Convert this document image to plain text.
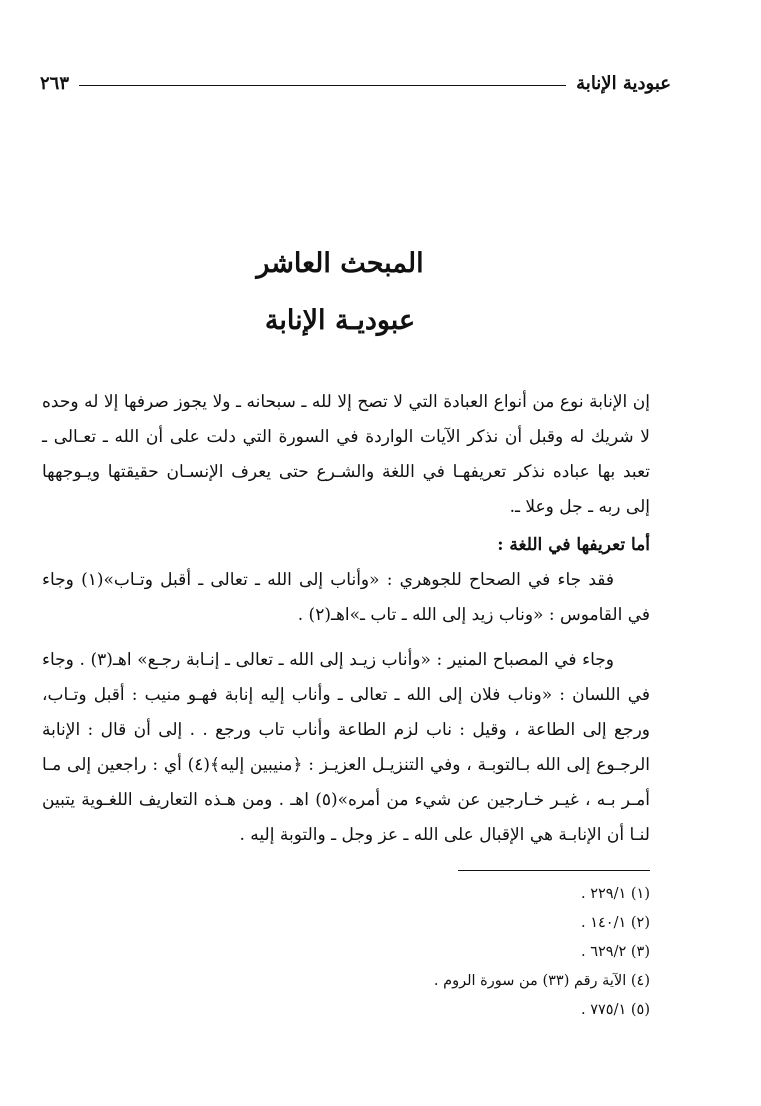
عبودية الإنابة
٢٦٣
المبحث العاشر
عبوديـة الإنابة

إن الإنابة نوع من أنواع العبادة التي لا تصح إلا لله ـ سبحانه ـ ولا يجوز صرفها إلا له وحده لا شريك له وقبل أن نذكر الآيات الواردة في السورة التي دلت على أن الله ـ تعـالى ـ تعبد بها عباده نذكر تعريفهـا في اللغة والشـرع حتى يعرف الإنسـان حقيقتها ويـوجهها إلى ربه ـ جل وعلا ـ.

أما تعريفها في اللغة :

فقد جاء في الصحاح للجوهري : «وأناب إلى الله ـ تعالى ـ أقبل وتـاب»(١) وجاء في القاموس : «وناب زيد إلى الله ـ تاب ـ»اهـ(٢) .

وجاء في المصباح المنير : «وأناب زيـد إلى الله ـ تعالى ـ إنـابة رجـع» اهـ(٣) . وجاء في اللسان : «وناب فلان إلى الله ـ تعالى ـ وأناب إليه إنابة فهـو منيب : أقبل وتـاب، ورجع إلى الطاعة ، وقيل : ناب لزم الطاعة وأناب تاب ورجع . . إلى أن قال : الإنابة الرجـوع إلى الله بـالتوبـة ، وفي التنزيـل العزيـز : ﴿منيبين إليه﴾(٤) أي : راجعين إلى مـا أمـر بـه ، غيـر خـارجين عن شيء من أمره»(٥) اهـ . ومن هـذه التعاريف اللغـوية يتبين لنـا أن الإنابـة هي الإقبال على الله ـ عز وجل ـ والتوبة إليه .

(١) ٢٢٩/١ .
(٢) ١٤٠/١ .
(٣) ٦٢٩/٢ .
(٤) الآية رقم (٣٣) من سورة الروم .
(٥) ٧٧٥/١ .
